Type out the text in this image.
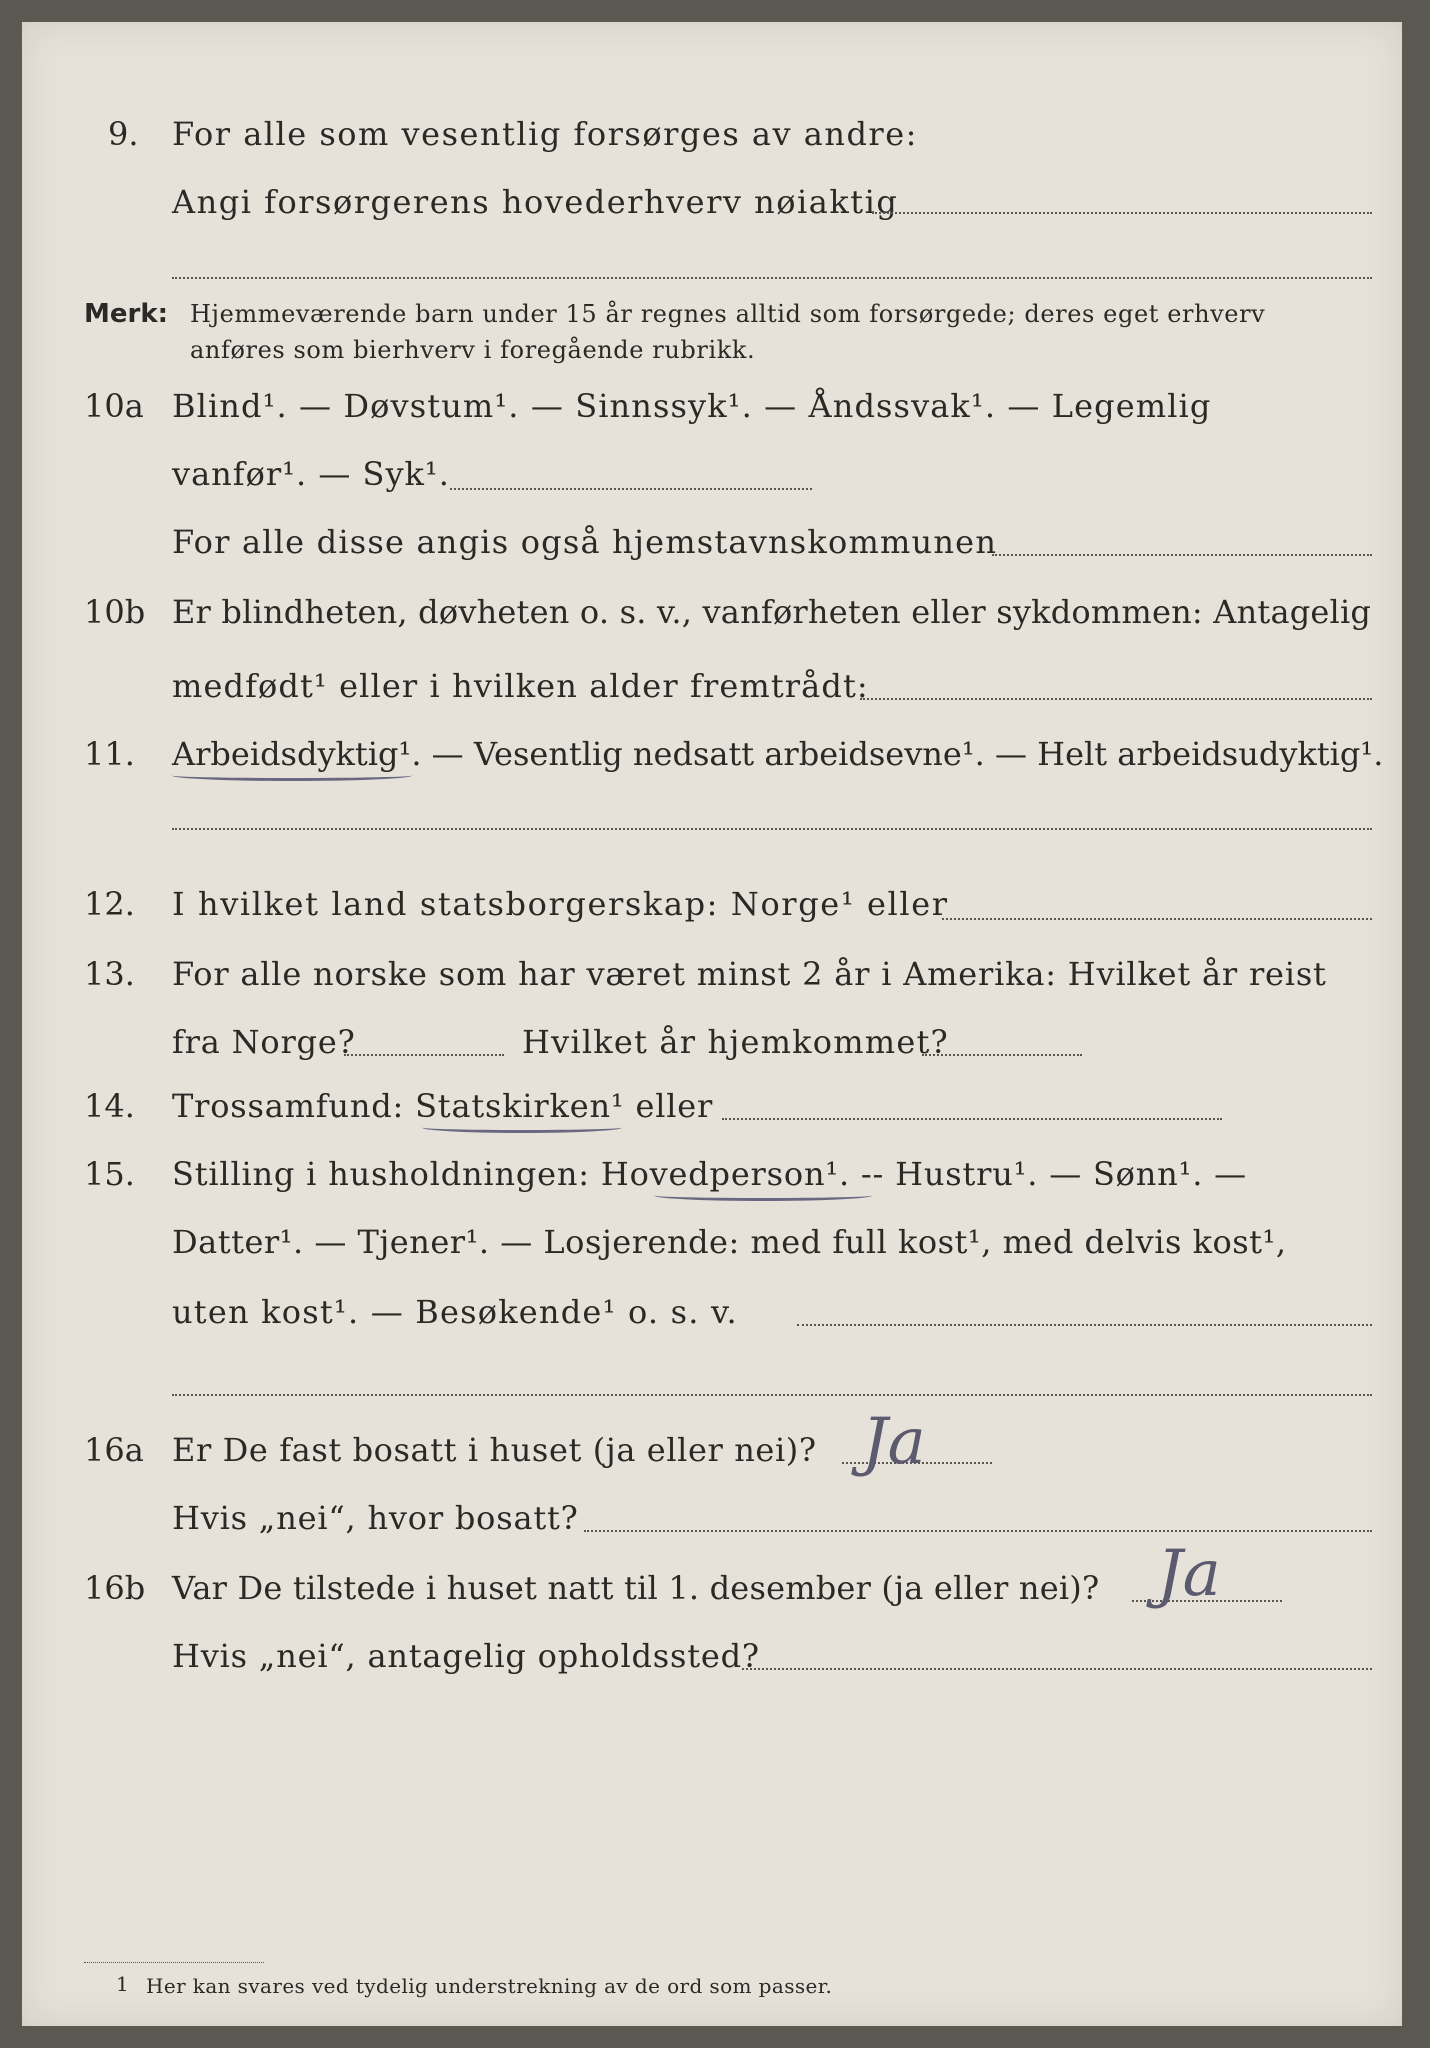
9. For alle som vesentlig forsørges av andre:
Angi forsørgerens hovederhverv nøiaktig
Merk: Hjemmeværende barn under 15 år regnes alltid som forsørgede; deres eget erhverv
anføres som bierhverv i foregående rubrikk.
10a Blind¹. — Døvstum¹. — Sinnssyk¹. — Åndssvak¹. — Legemlig
vanfør¹. — Syk¹.
For alle disse angis også hjemstavnskommunen
10b Er blindheten, døvheten o. s. v., vanførheten eller sykdommen: Antagelig
medfødt¹ eller i hvilken alder fremtrådt:
11. Arbeidsdyktig¹. — Vesentlig nedsatt arbeidsevne¹. — Helt arbeidsudyktig¹.
12. I hvilket land statsborgerskap: Norge¹ eller
13. For alle norske som har været minst 2 år i Amerika: Hvilket år reist
fra Norge?	Hvilket år hjemkommet?
14. Trossamfund: Statskirken¹ eller
15. Stilling i husholdningen: Hovedperson¹. -- Hustru¹. — Sønn¹. —
Datter¹. — Tjener¹. — Losjerende: med full kost¹, med delvis kost¹,
uten kost¹. — Besøkende¹ o. s. v.
16a Er De fast bosatt i huset (ja eller nei)? Ja
Hvis „nei“, hvor bosatt?
16b Var De tilstede i huset natt til 1. desember (ja eller nei)? Ja
Hvis „nei“, antagelig opholdssted?
1 Her kan svares ved tydelig understrekning av de ord som passer.
